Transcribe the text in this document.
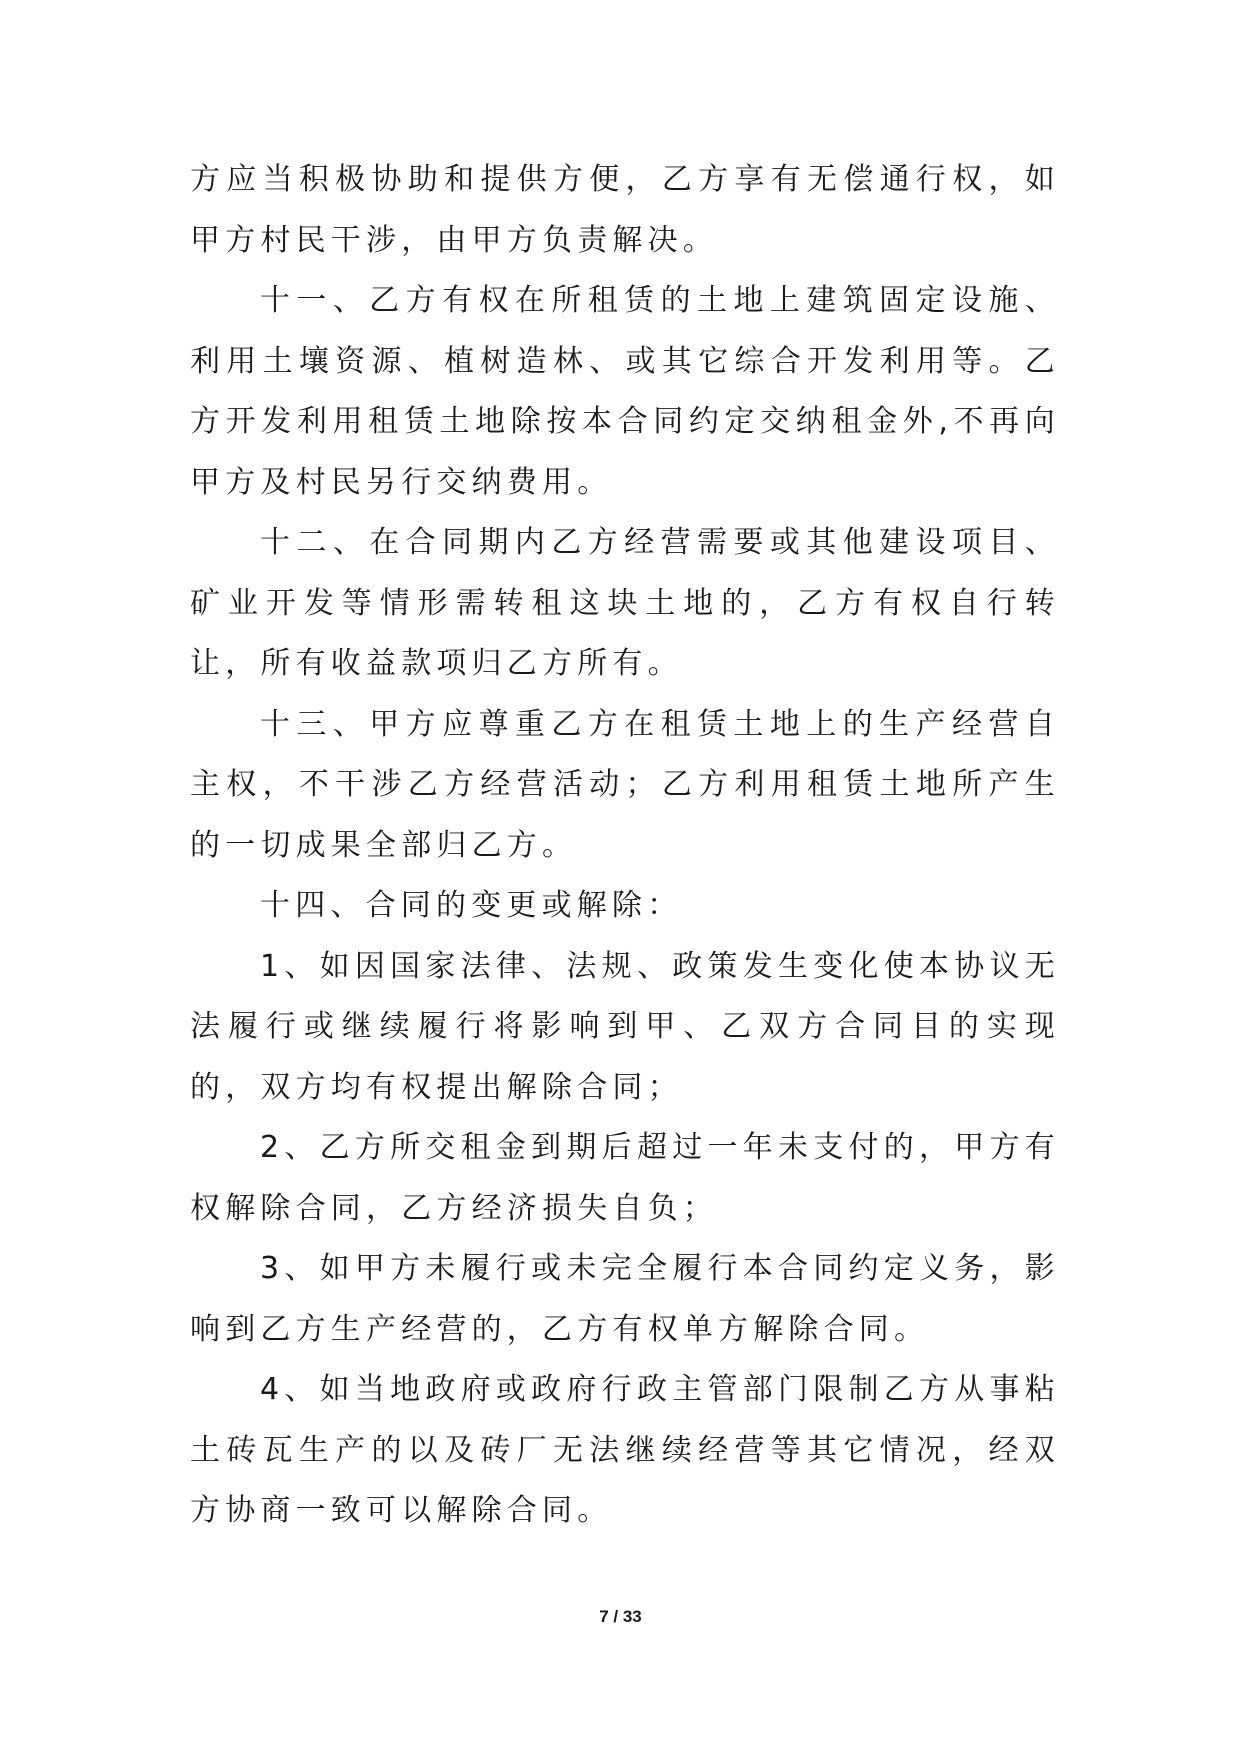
方应当积极协助和提供方便，乙方享有无偿通行权，如甲方村民干涉，由甲方负责解决。

十一、乙方有权在所租赁的土地上建筑固定设施、利用土壤资源、植树造林、或其它综合开发利用等。乙方开发利用租赁土地除按本合同约定交纳租金外,不再向甲方及村民另行交纳费用。

十二、在合同期内乙方经营需要或其他建设项目、矿业开发等情形需转租这块土地的，乙方有权自行转让，所有收益款项归乙方所有。

十三、甲方应尊重乙方在租赁土地上的生产经营自主权，不干涉乙方经营活动；乙方利用租赁土地所产生的一切成果全部归乙方。

十四、合同的变更或解除：

1、如因国家法律、法规、政策发生变化使本协议无法履行或继续履行将影响到甲、乙双方合同目的实现的，双方均有权提出解除合同；

2、乙方所交租金到期后超过一年未支付的，甲方有权解除合同，乙方经济损失自负；

3、如甲方未履行或未完全履行本合同约定义务，影响到乙方生产经营的，乙方有权单方解除合同。

4、如当地政府或政府行政主管部门限制乙方从事粘土砖瓦生产的以及砖厂无法继续经营等其它情况，经双方协商一致可以解除合同。

7 / 33
